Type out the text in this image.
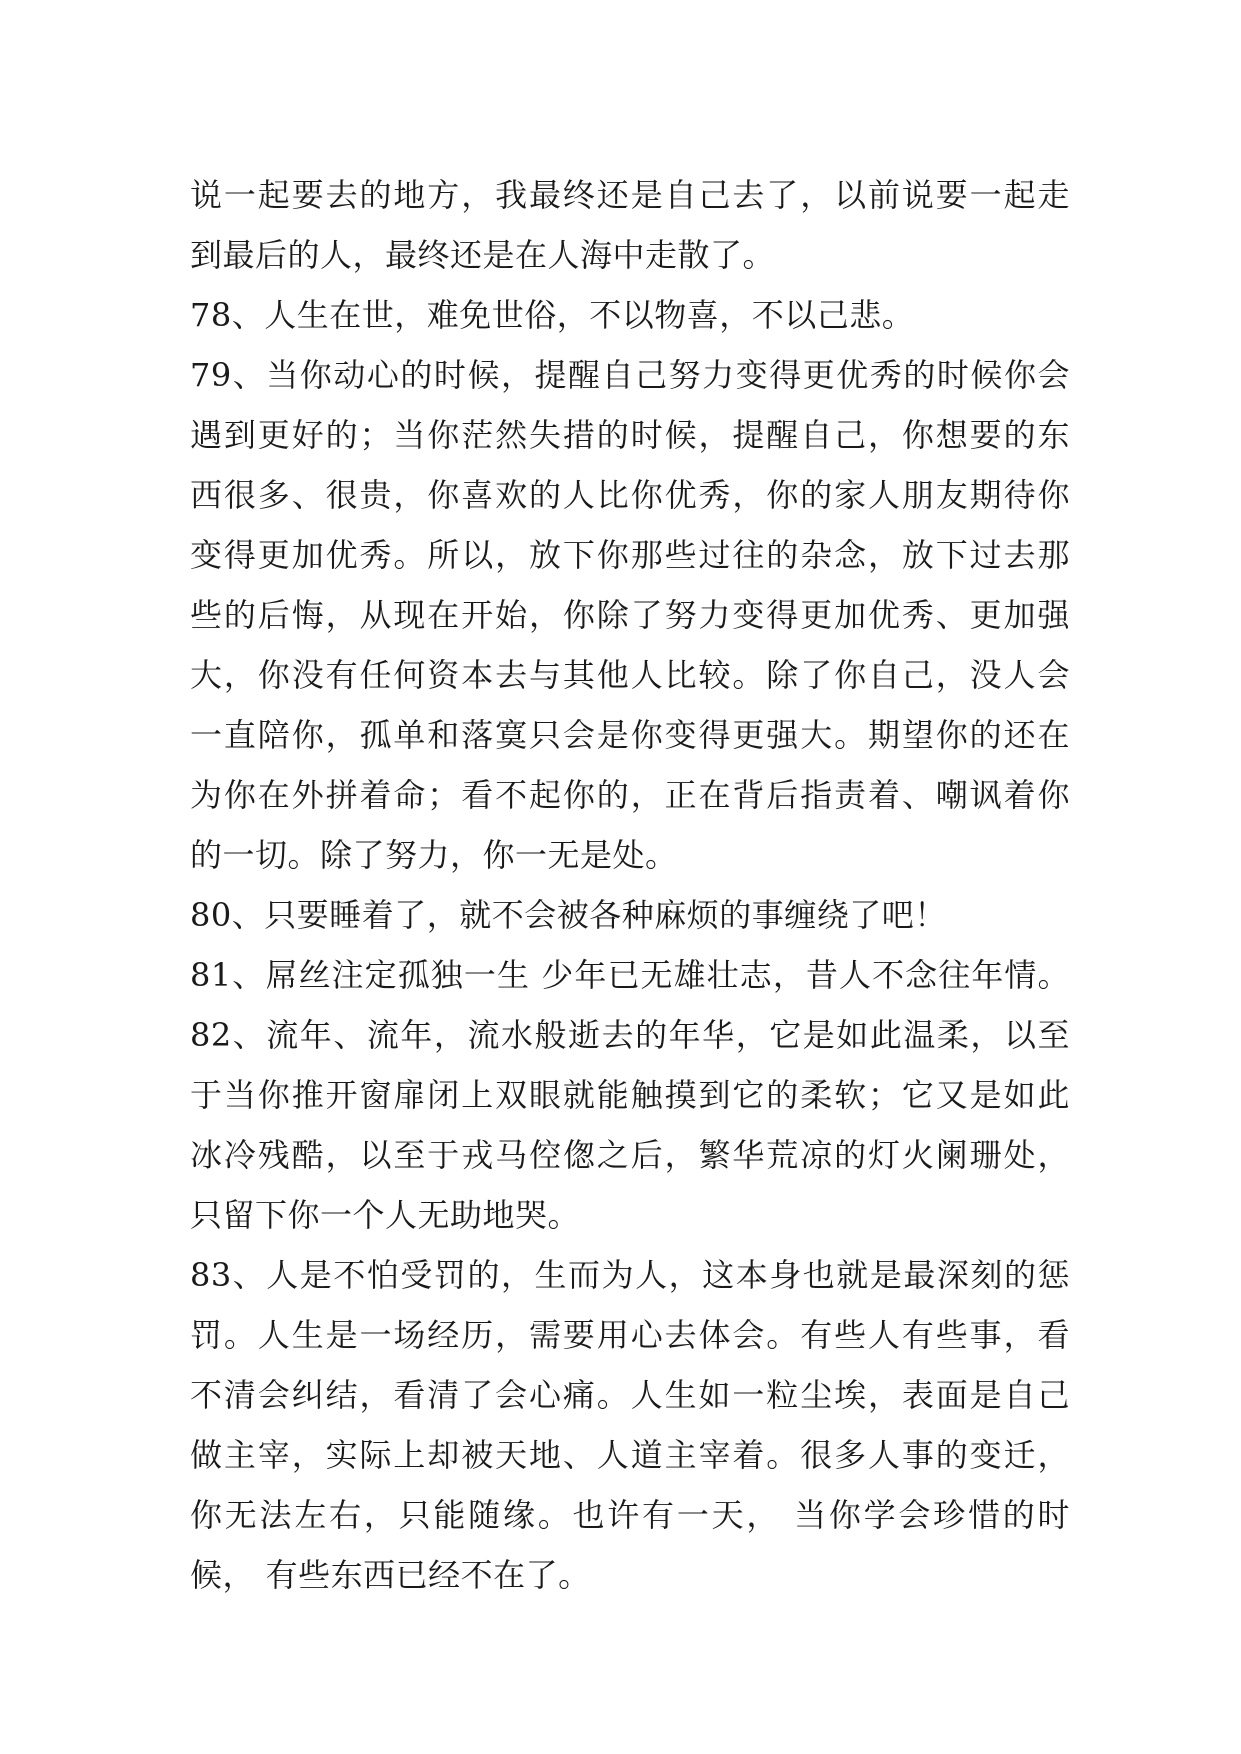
说一起要去的地方，我最终还是自己去了，以前说要一起走
到最后的人，最终还是在人海中走散了。
78、人生在世，难免世俗，不以物喜，不以己悲。
79、当你动心的时候，提醒自己努力变得更优秀的时候你会
遇到更好的；当你茫然失措的时候，提醒自己，你想要的东
西很多、很贵，你喜欢的人比你优秀，你的家人朋友期待你
变得更加优秀。所以，放下你那些过往的杂念，放下过去那
些的后悔，从现在开始，你除了努力变得更加优秀、更加强
大，你没有任何资本去与其他人比较。除了你自己，没人会
一直陪你，孤单和落寞只会是你变得更强大。期望你的还在
为你在外拼着命；看不起你的，正在背后指责着、嘲讽着你
的一切。除了努力，你一无是处。
80、只要睡着了，就不会被各种麻烦的事缠绕了吧！
81、屌丝注定孤独一生 少年已无雄壮志，昔人不念往年情。
82、流年、流年，流水般逝去的年华，它是如此温柔，以至
于当你推开窗扉闭上双眼就能触摸到它的柔软；它又是如此
冰冷残酷，以至于戎马倥偬之后，繁华荒凉的灯火阑珊处，
只留下你一个人无助地哭。
83、人是不怕受罚的，生而为人，这本身也就是最深刻的惩
罚。人生是一场经历，需要用心去体会。有些人有些事，看
不清会纠结，看清了会心痛。人生如一粒尘埃，表面是自己
做主宰，实际上却被天地、人道主宰着。很多人事的变迁，
你无法左右，只能随缘。也许有一天， 当你学会珍惜的时
候， 有些东西已经不在了。
